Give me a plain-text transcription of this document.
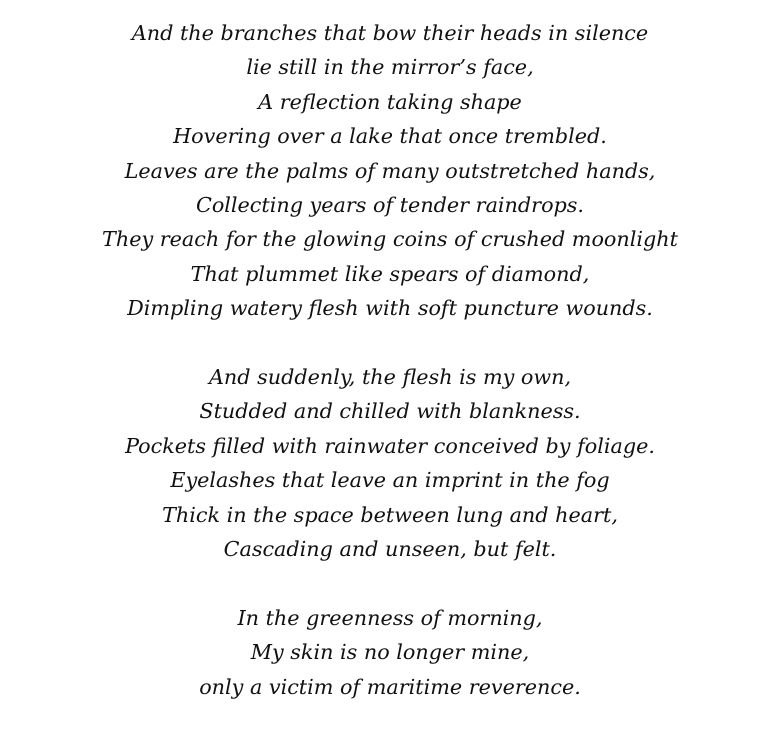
And the branches that bow their heads in silence
lie still in the mirror’s face,
A reflection taking shape
Hovering over a lake that once trembled.
Leaves are the palms of many outstretched hands,
Collecting years of tender raindrops.
They reach for the glowing coins of crushed moonlight
That plummet like spears of diamond,
Dimpling watery flesh with soft puncture wounds.
And suddenly, the flesh is my own,
Studded and chilled with blankness.
Pockets filled with rainwater conceived by foliage.
Eyelashes that leave an imprint in the fog
Thick in the space between lung and heart,
Cascading and unseen, but felt.
In the greenness of morning,
My skin is no longer mine,
only a victim of maritime reverence.
